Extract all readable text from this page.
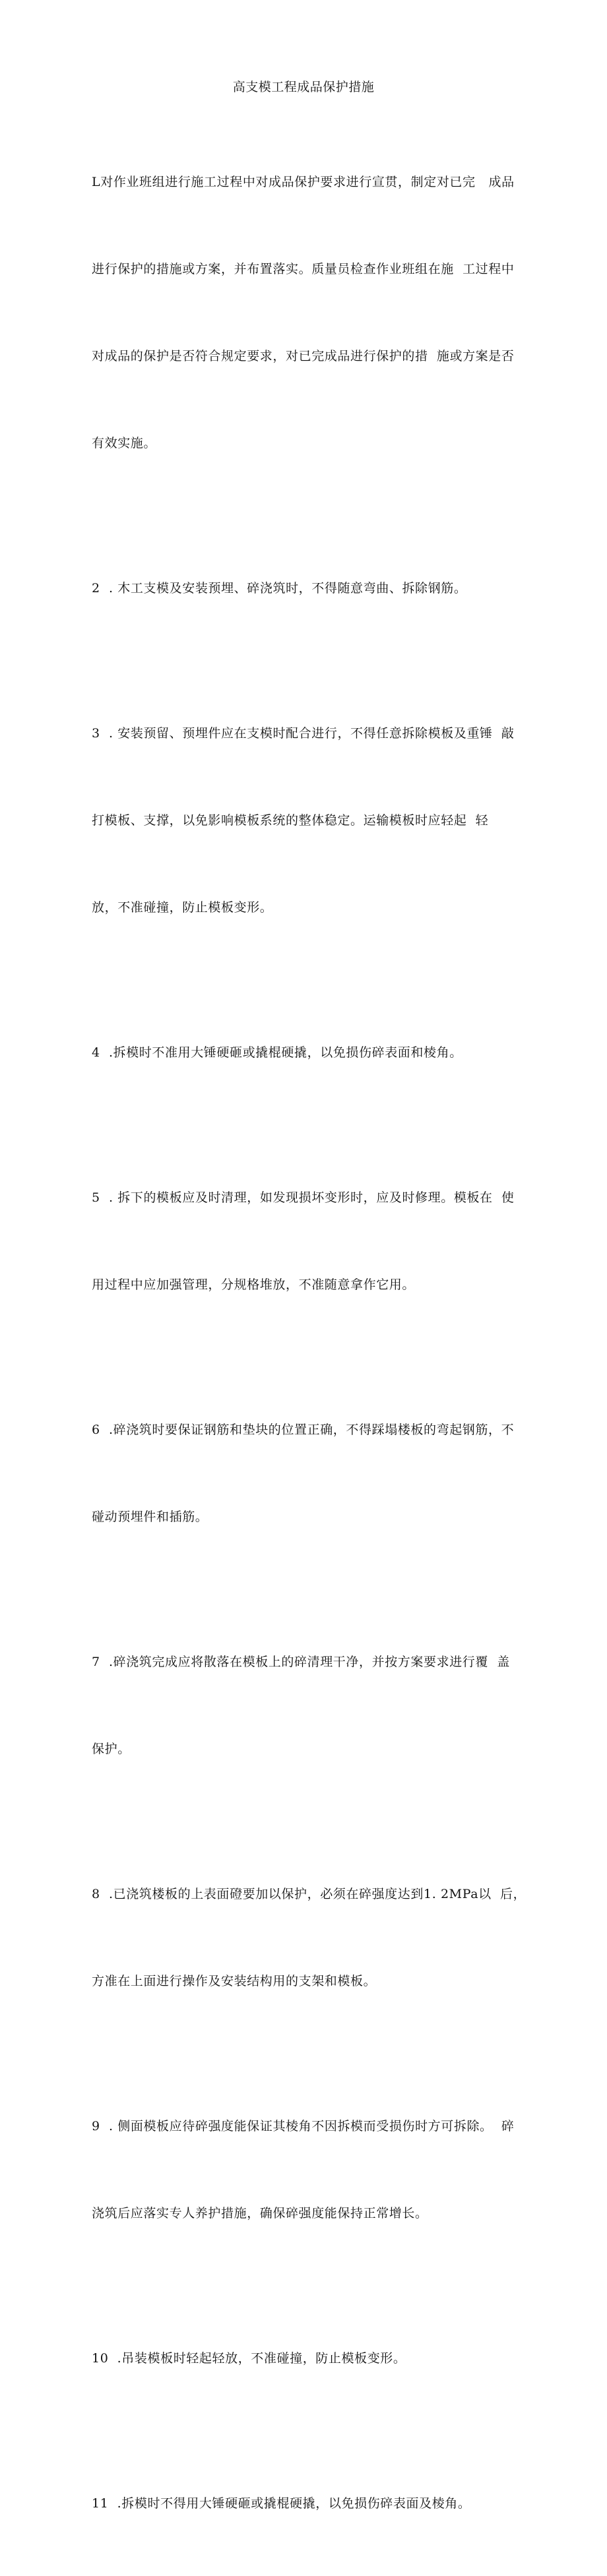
高支模工程成品保护措施

L对作业班组进行施工过程中对成品保护要求进行宣贯，制定对已完   成品

进行保护的措施或方案，并布置落实。质量员检查作业班组在施  工过程中

对成品的保护是否符合规定要求，对已完成品进行保护的措  施或方案是否

有效实施。

2  . 木工支模及安装预埋、碎浇筑时，不得随意弯曲、拆除钢筋。

3  . 安装预留、预埋件应在支模时配合进行，不得任意拆除模板及重锤  敲

打模板、支撑，以免影响模板系统的整体稳定。运输模板时应轻起  轻

放，不准碰撞，防止模板变形。

4  .拆模时不准用大锤硬砸或撬棍硬撬，以免损伤碎表面和棱角。

5  . 拆下的模板应及时清理，如发现损坏变形时，应及时修理。模板在  使

用过程中应加强管理，分规格堆放，不准随意拿作它用。

6  .碎浇筑时要保证钢筋和垫块的位置正确，不得踩塌楼板的弯起钢筋，不

碰动预埋件和插筋。

7  .碎浇筑完成应将散落在模板上的碎清理干净，并按方案要求进行覆  盖

保护。

8  .已浇筑楼板的上表面磴要加以保护，必须在碎强度达到1. 2MPa以  后，

方准在上面进行操作及安装结构用的支架和模板。

9  . 侧面模板应待碎强度能保证其棱角不因拆模而受损伤时方可拆除。  碎

浇筑后应落实专人养护措施，确保碎强度能保持正常增长。

10  .吊装模板时轻起轻放，不准碰撞，防止模板变形。

11  .拆模时不得用大锤硬砸或撬棍硬撬，以免损伤碎表面及棱角。
